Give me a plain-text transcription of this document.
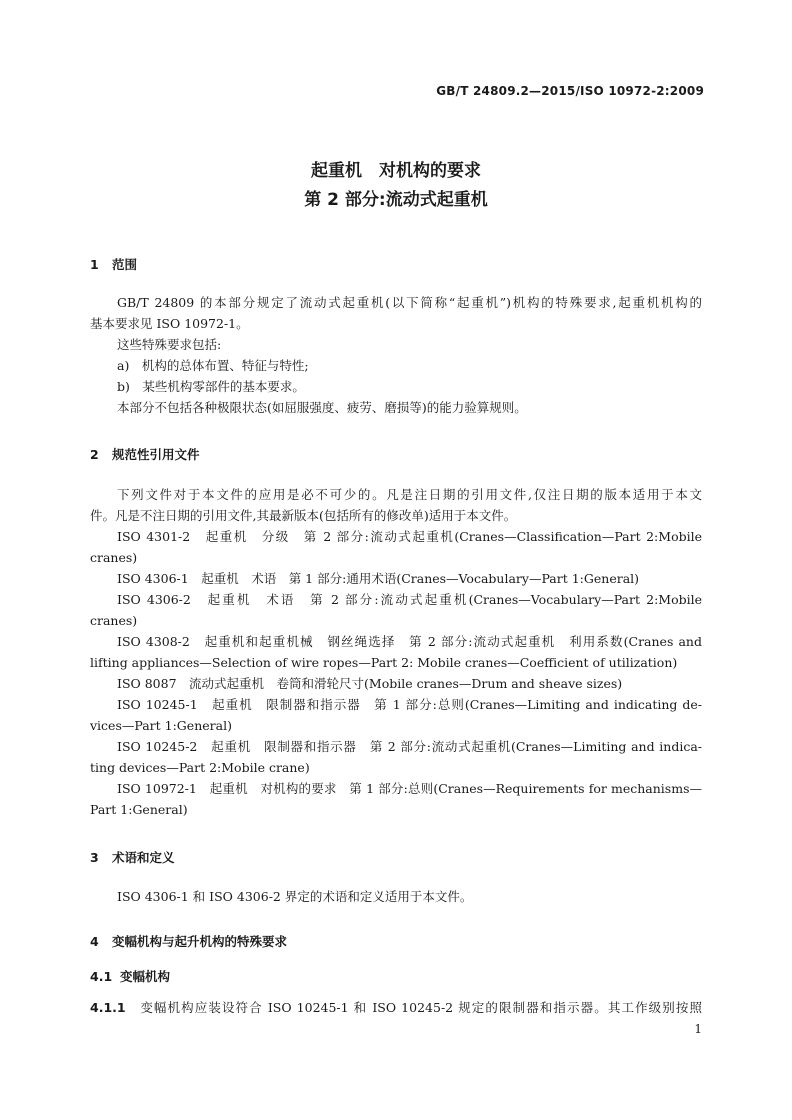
GB/T 24809.2—2015/ISO 10972-2:2009
起重机　对机构的要求
第 2 部分:流动式起重机
1 范围
GB/T 24809 的本部分规定了流动式起重机(以下简称“起重机”)机构的特殊要求,起重机机构的
基本要求见 ISO 10972-1。
这些特殊要求包括:
a)　机构的总体布置、特征与特性;
b)　某些机构零部件的基本要求。
本部分不包括各种极限状态(如屈服强度、疲劳、磨损等)的能力验算规则。
2 规范性引用文件
下列文件对于本文件的应用是必不可少的。凡是注日期的引用文件,仅注日期的版本适用于本文
件。凡是不注日期的引用文件,其最新版本(包括所有的修改单)适用于本文件。
ISO 4301-2　起重机　分级　第 2 部分:流动式起重机(Cranes—Classification—Part 2:Mobile
cranes)
ISO 4306-1　起重机　术语　第 1 部分:通用术语(Cranes—Vocabulary—Part 1:General)
ISO 4306-2　起重机　术语　第 2 部分:流动式起重机(Cranes—Vocabulary—Part 2:Mobile
cranes)
ISO 4308-2　起重机和起重机械　钢丝绳选择　第 2 部分:流动式起重机　利用系数(Cranes and
lifting appliances—Selection of wire ropes—Part 2: Mobile cranes—Coefficient of utilization)
ISO 8087　流动式起重机　卷筒和滑轮尺寸(Mobile cranes—Drum and sheave sizes)
ISO 10245-1　起重机　限制器和指示器　第 1 部分:总则(Cranes—Limiting and indicating de-
vices—Part 1:General)
ISO 10245-2　起重机　限制器和指示器　第 2 部分:流动式起重机(Cranes—Limiting and indica-
ting devices—Part 2:Mobile crane)
ISO 10972-1　起重机　对机构的要求　第 1 部分:总则(Cranes—Requirements for mechanisms—
Part 1:General)
3 术语和定义
ISO 4306-1 和 ISO 4306-2 界定的术语和定义适用于本文件。
4 变幅机构与起升机构的特殊要求
4.1 变幅机构
4.1.1　 变幅机构应装设符合 ISO 10245-1 和 ISO 10245-2 规定的限制器和指示器。其工作级别按照
1
